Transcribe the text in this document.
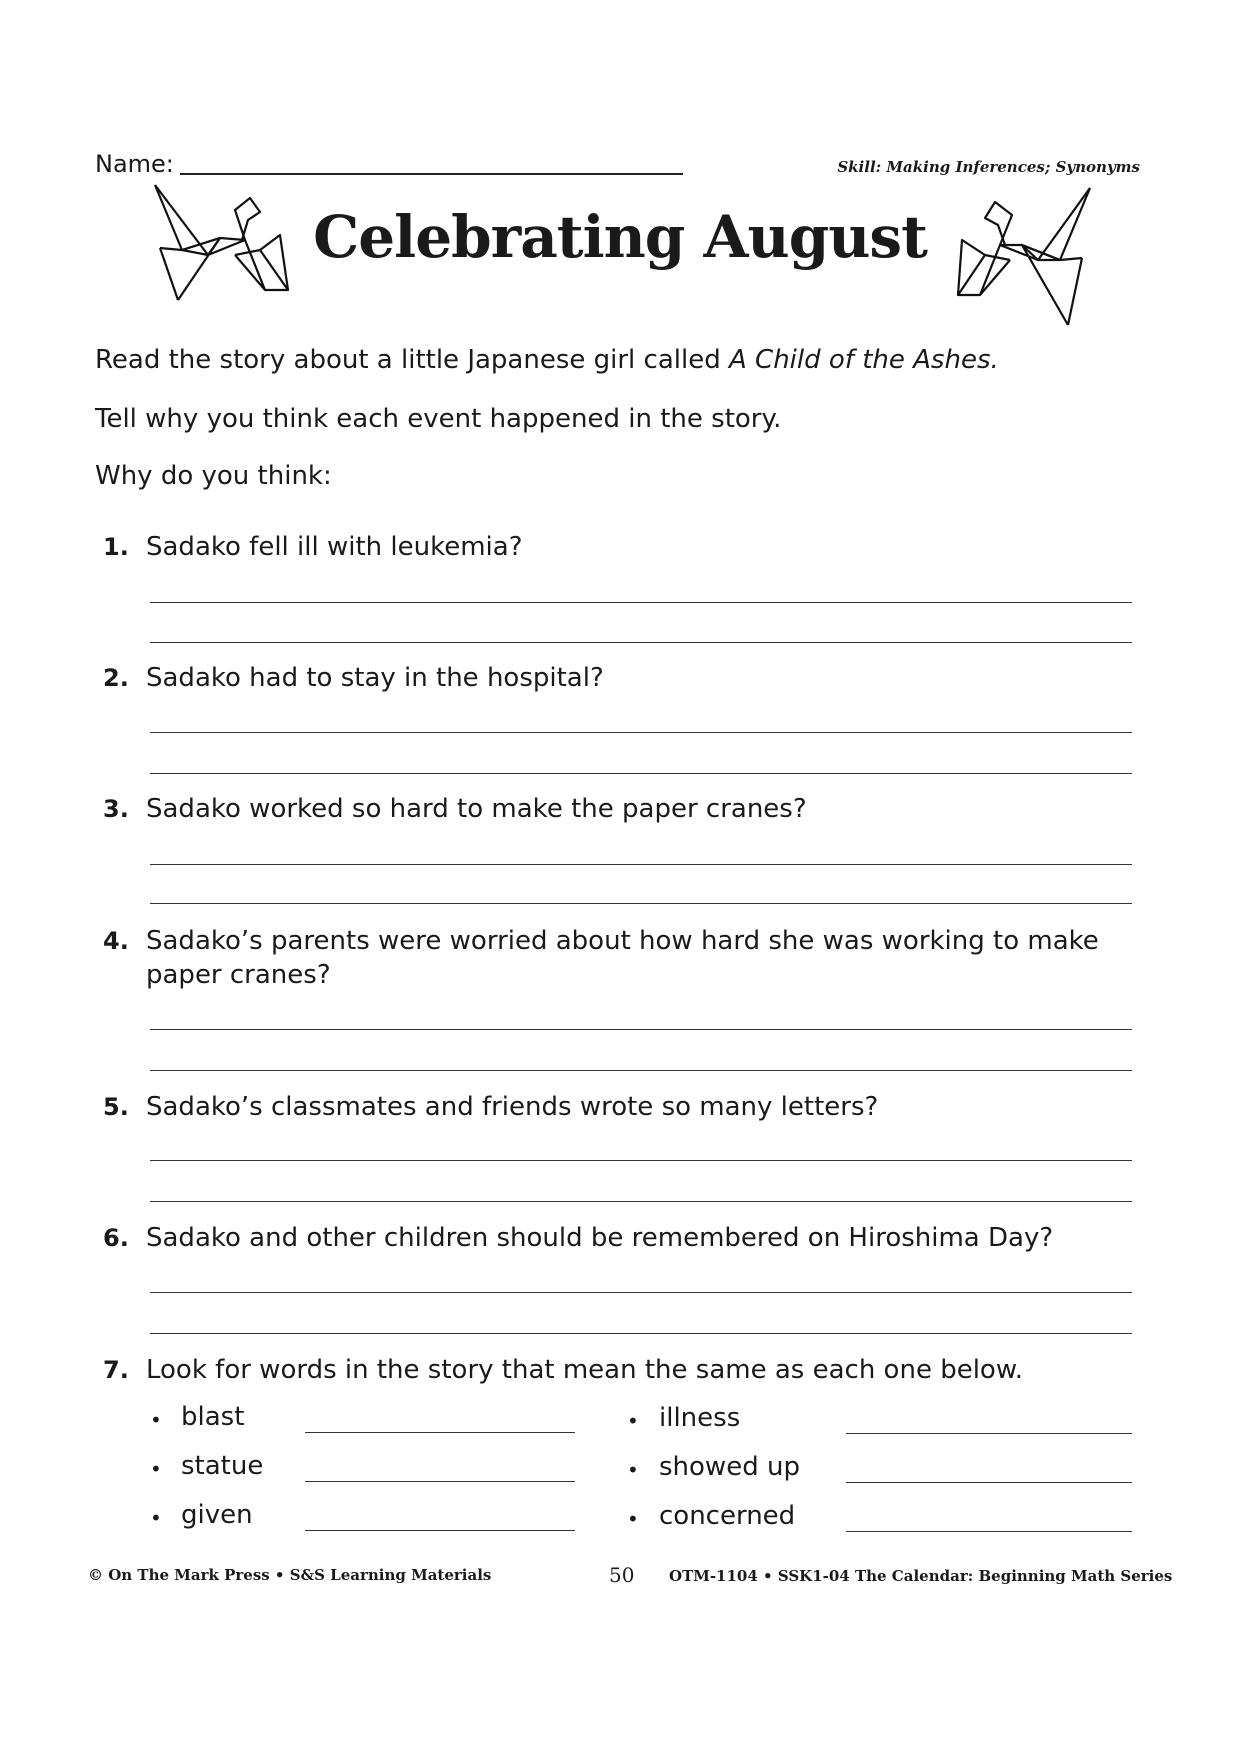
Name:	Skill: Making Inferences; Synonyms
Celebrating August
Read the story about a little Japanese girl called A Child of the Ashes.
Tell why you think each event happened in the story.
Why do you think:
1. Sadako fell ill with leukemia?
2. Sadako had to stay in the hospital?
3. Sadako worked so hard to make the paper cranes?
4. Sadako’s parents were worried about how hard she was working to make paper cranes?
5. Sadako’s classmates and friends wrote so many letters?
6. Sadako and other children should be remembered on Hiroshima Day?
7. Look for words in the story that mean the same as each one below.
• blast
• statue
• given
• illness
• showed up
• concerned
© On The Mark Press • S&S Learning Materials	50 OTM-1104 • SSK1-04 The Calendar: Beginning Math Series
